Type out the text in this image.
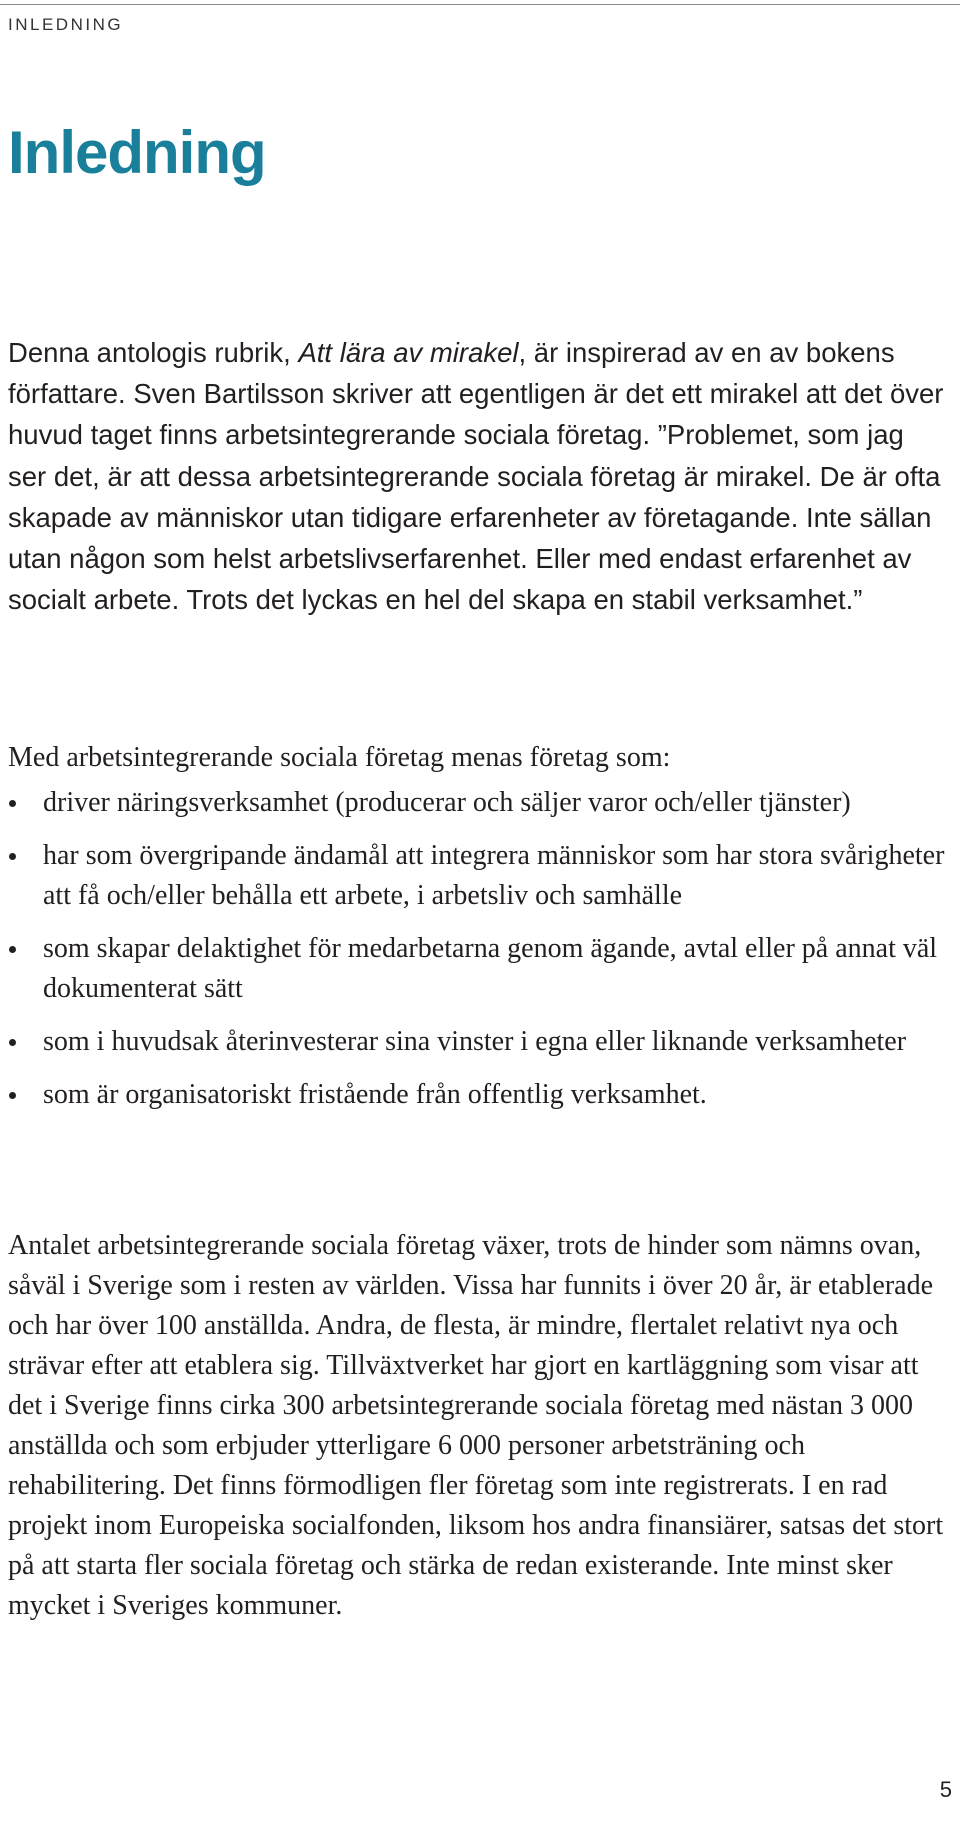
INLEDNING
Inledning

Denna antologis rubrik, Att lära av mirakel, är inspirerad av en av bokens författare. Sven Bartilsson skriver att egentligen är det ett mirakel att det över huvud taget finns arbetsintegrerande sociala företag. ”Problemet, som jag ser det, är att dessa arbetsintegrerande sociala företag är mirakel. De är ofta skapade av människor utan tidigare erfarenheter av företagande. Inte sällan utan någon som helst arbetslivserfarenhet. Eller med endast erfarenhet av socialt arbete. Trots det lyckas en hel del skapa en stabil verksamhet.”

Med arbetsintegrerande sociala företag menas företag som:

driver näringsverksamhet (producerar och säljer varor och/eller tjänster)
har som övergripande ändamål att integrera människor som har stora svårigheter att få och/eller behålla ett arbete, i arbetsliv och samhälle
som skapar delaktighet för medarbetarna genom ägande, avtal eller på annat väl dokumenterat sätt
som i huvudsak återinvesterar sina vinster i egna eller liknande verksamheter
som är organisatoriskt fristående från offentlig verksamhet.

Antalet arbetsintegrerande sociala företag växer, trots de hinder som nämns ovan, såväl i Sverige som i resten av världen. Vissa har funnits i över 20 år, är etablerade och har över 100 anställda. Andra, de flesta, är mindre, flertalet relativt nya och strävar efter att etablera sig. Tillväxtverket har gjort en kartläggning som visar att det i Sverige finns cirka 300 arbetsintegrerande sociala företag med nästan 3 000 anställda och som erbjuder ytterligare 6 000 personer arbetsträning och rehabilitering. Det finns förmodligen fler företag som inte registrerats. I en rad projekt inom Europeiska socialfonden, liksom hos andra finansiärer, satsas det stort på att starta fler sociala företag och stärka de redan existerande. Inte minst sker mycket i Sveriges kommuner.

5
